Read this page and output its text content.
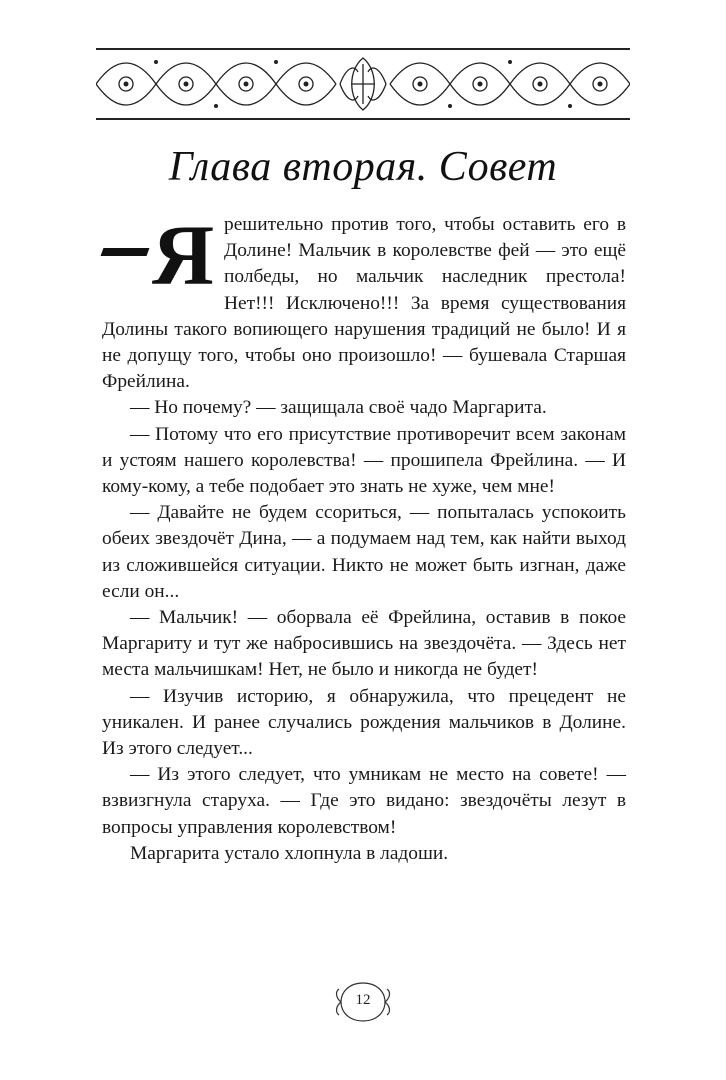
Глава вторая. Совет
Я решительно против того, чтобы оставить его в Долине! Мальчик в королевстве фей — это ещё полбеды, но мальчик наследник престола! Нет!!! Исключено!!! За время существования Долины такого вопиющего нарушения традиций не было! И я не допущу того, чтобы оно произошло! — бушевала Старшая Фрейлина.

— Но почему? — защищала своё чадо Маргарита.

— Потому что его присутствие противоречит всем законам и устоям нашего королевства! — прошипела Фрейлина. — И кому-кому, а тебе подобает это знать не хуже, чем мне!

— Давайте не будем ссориться, — попыталась успокоить обеих звездочёт Дина, — а подумаем над тем, как найти выход из сложившейся ситуации. Никто не может быть изгнан, даже если он...

— Мальчик! — оборвала её Фрейлина, оставив в покое Маргариту и тут же набросившись на звездочёта. — Здесь нет места мальчишкам! Нет, не было и никогда не будет!

— Изучив историю, я обнаружила, что прецедент не уникален. И ранее случались рождения мальчиков в Долине. Из этого следует...

— Из этого следует, что умникам не место на совете! — взвизгнула старуха. — Где это видано: звездочёты лезут в вопросы управления королевством!

Маргарита устало хлопнула в ладоши.

12
